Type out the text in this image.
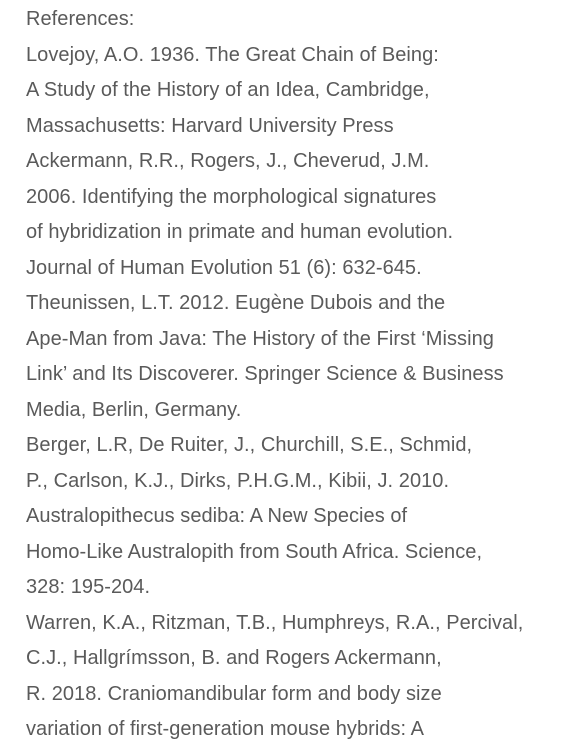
References:
Lovejoy, A.O. 1936. The Great Chain of Being:
A Study of the History of an Idea, Cambridge,
Massachusetts: Harvard University Press
Ackermann, R.R., Rogers, J., Cheverud, J.M.
2006. Identifying the morphological signatures
of hybridization in primate and human evolution.
Journal of Human Evolution 51 (6): 632-645.
Theunissen, L.T. 2012. Eugène Dubois and the
Ape-Man from Java: The History of the First ‘Missing
Link’ and Its Discoverer. Springer Science & Business
Media, Berlin, Germany.
Berger, L.R, De Ruiter, J., Churchill, S.E., Schmid,
P., Carlson, K.J., Dirks, P.H.G.M., Kibii, J. 2010.
Australopithecus sediba: A New Species of
Homo-Like Australopith from South Africa. Science,
328: 195-204.
Warren, K.A., Ritzman, T.B., Humphreys, R.A., Percival,
C.J., Hallgrímsson, B. and Rogers Ackermann,
R. 2018. Craniomandibular form and body size
variation of first-generation mouse hybrids: A
